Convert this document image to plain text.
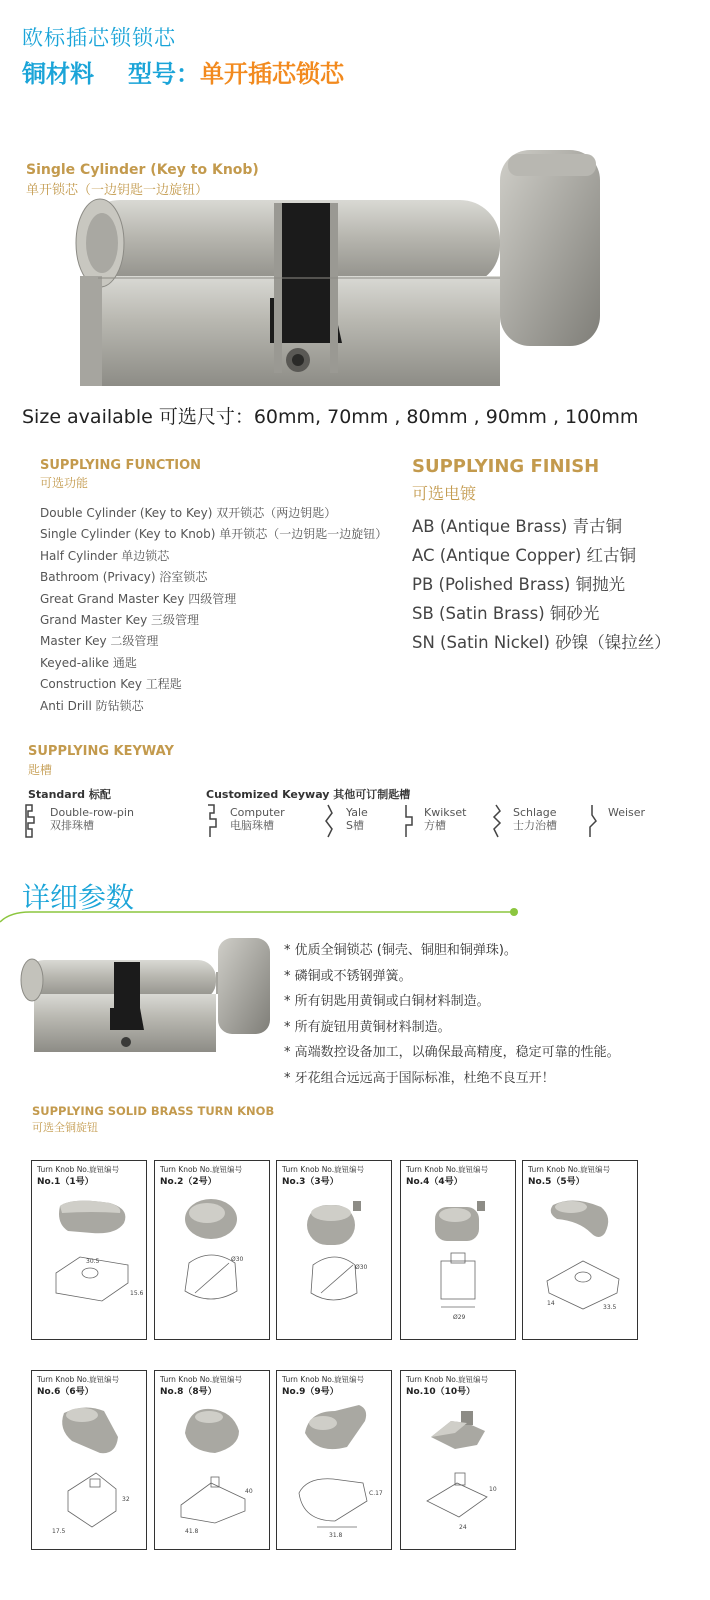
欧标插芯锁锁芯
铜材料 型号：单开插芯锁芯
Single Cylinder (Key to Knob)
单开锁芯（一边钥匙一边旋钮）
Size available 可选尺寸：60mm, 70mm , 80mm , 90mm , 100mm
SUPPLYING FUNCTION
可选功能
Double Cylinder (Key to Key) 双开锁芯（两边钥匙）
Single Cylinder (Key to Knob) 单开锁芯（一边钥匙一边旋钮）
Half Cylinder 单边锁芯
Bathroom (Privacy) 浴室锁芯
Great Grand Master Key 四级管理
Grand Master Key 三级管理
Master Key 二级管理
Keyed-alike 通匙
Construction Key 工程匙
Anti Drill 防钻锁芯
SUPPLYING FINISH
可选电镀
AB (Antique Brass) 青古铜
AC (Antique Copper) 红古铜
PB (Polished Brass) 铜抛光
SB (Satin Brass) 铜砂光
SN (Satin Nickel) 砂镍（镍拉丝）
SUPPLYING KEYWAY
匙槽
Standard 标配	Customized Keyway 其他可订制匙槽
Double-row-pin
双排珠槽
Computer
电脑珠槽
Yale
S槽
Kwikset
方槽
Schlage
士力治槽
Weiser
详细参数
* 优质全铜锁芯 (铜壳、铜胆和铜弹珠)。
* 磷铜或不锈钢弹簧。
* 所有钥匙用黄铜或白铜材料制造。
* 所有旋钮用黄铜材料制造。
* 高端数控设备加工，以确保最高精度，稳定可靠的性能。
* 牙花组合远远高于国际标准，杜绝不良互开！
SUPPLYING SOLID BRASS TURN KNOB
可选全铜旋钮
Turn Knob No.旋钮编号
No.1（1号）
30.5
15.6
Turn Knob No.旋钮编号
No.2（2号）
Ø30
Turn Knob No.旋钮编号
No.3（3号）
Ø30
Turn Knob No.旋钮编号
No.4（4号）
Ø29
Turn Knob No.旋钮编号
No.5（5号）
33.5
14
Turn Knob No.旋钮编号
No.6（6号）
17.5
32
Turn Knob No.旋钮编号
No.8（8号）
41.8
40
Turn Knob No.旋钮编号
No.9（9号）
31.8
C.17
Turn Knob No.旋钮编号
No.10（10号）
24
10
